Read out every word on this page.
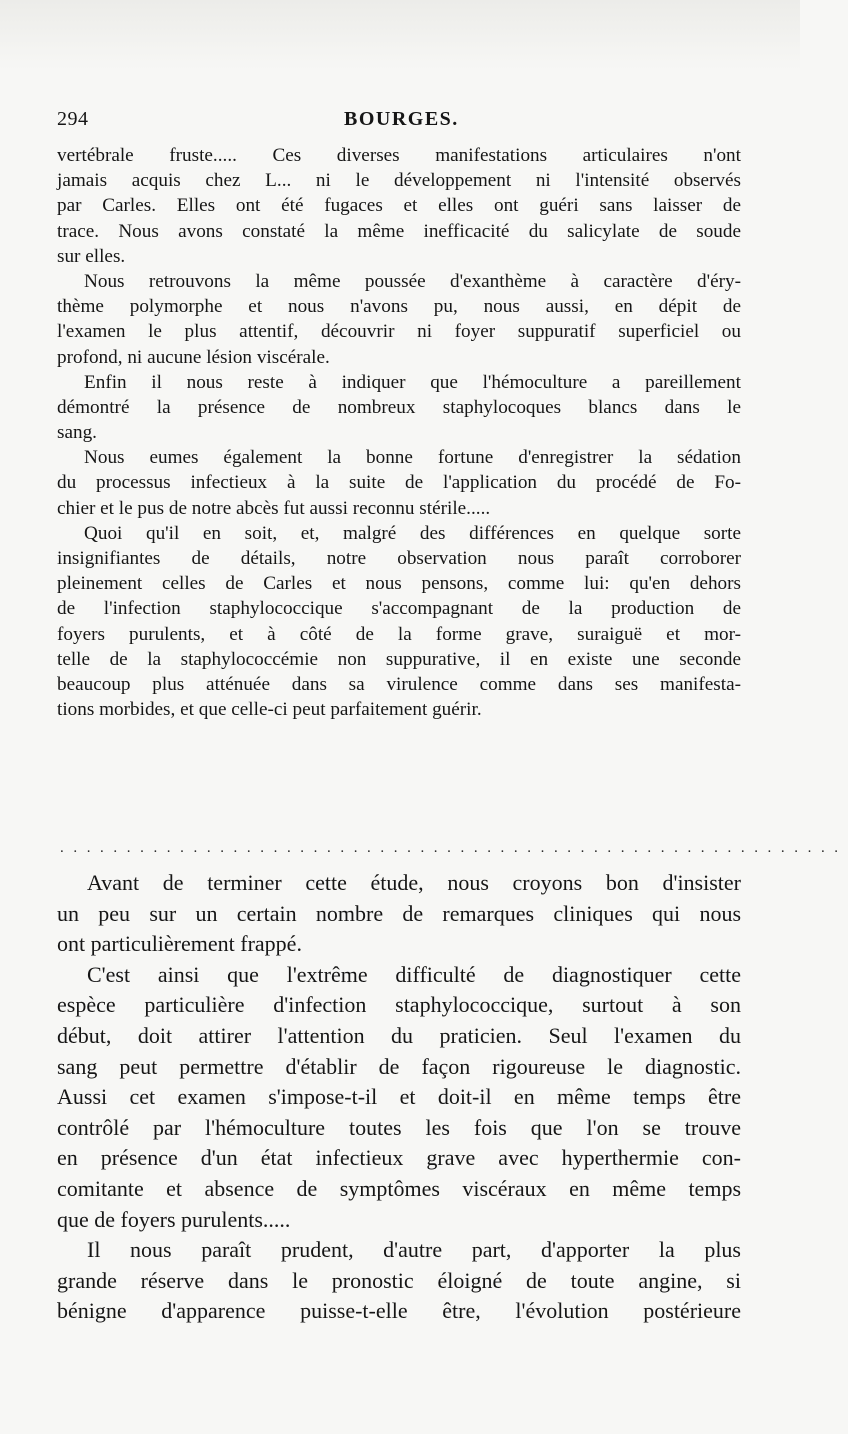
294	BOURGES.
vertébrale fruste..... Ces diverses manifestations articulaires n'ont
jamais acquis chez L... ni le développement ni l'intensité observés
par Carles. Elles ont été fugaces et elles ont guéri sans laisser de
trace. Nous avons constaté la même inefficacité du salicylate de soude
sur elles.
Nous retrouvons la même poussée d'exanthème à caractère d'éry-
thème polymorphe et nous n'avons pu, nous aussi, en dépit de
l'examen le plus attentif, découvrir ni foyer suppuratif superficiel ou
profond, ni aucune lésion viscérale.
Enfin il nous reste à indiquer que l'hémoculture a pareillement
démontré la présence de nombreux staphylocoques blancs dans le
sang.
Nous eumes également la bonne fortune d'enregistrer la sédation
du processus infectieux à la suite de l'application du procédé de Fo-
chier et le pus de notre abcès fut aussi reconnu stérile.....
Quoi qu'il en soit, et, malgré des différences en quelque sorte
insignifiantes de détails, notre observation nous paraît corroborer
pleinement celles de Carles et nous pensons, comme lui: qu'en dehors
de l'infection staphylococcique s'accompagnant de la production de
foyers purulents, et à côté de la forme grave, suraiguë et mor-
telle de la staphylococcémie non suppurative, il en existe une seconde
beaucoup plus atténuée dans sa virulence comme dans ses manifesta-
tions morbides, et que celle-ci peut parfaitement guérir.
...........................................................
Avant de terminer cette étude, nous croyons bon d'insister
un peu sur un certain nombre de remarques cliniques qui nous
ont particulièrement frappé.
C'est ainsi que l'extrême difficulté de diagnostiquer cette
espèce particulière d'infection staphylococcique, surtout à son
début, doit attirer l'attention du praticien. Seul l'examen du
sang peut permettre d'établir de façon rigoureuse le diagnostic.
Aussi cet examen s'impose-t-il et doit-il en même temps être
contrôlé par l'hémoculture toutes les fois que l'on se trouve
en présence d'un état infectieux grave avec hyperthermie con-
comitante et absence de symptômes viscéraux en même temps
que de foyers purulents.....
Il nous paraît prudent, d'autre part, d'apporter la plus
grande réserve dans le pronostic éloigné de toute angine, si
bénigne d'apparence puisse-t-elle être, l'évolution postérieure
